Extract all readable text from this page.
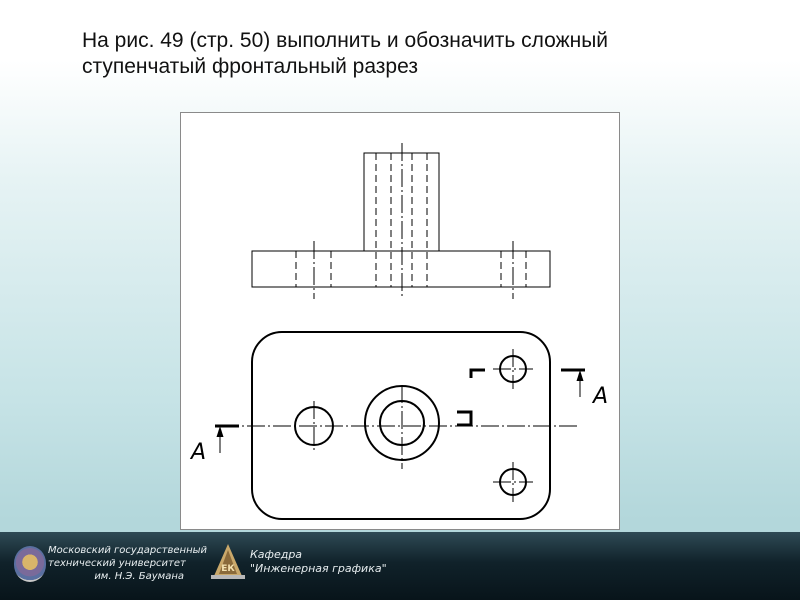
На рис. 49 (стр. 50) выполнить и обозначить сложный
ступенчатый фронтальный разрез
A
A
Московский государственный
технический университет
им. Н.Э. Баумана
ЕК
Кафедра
"Инженерная графика"
